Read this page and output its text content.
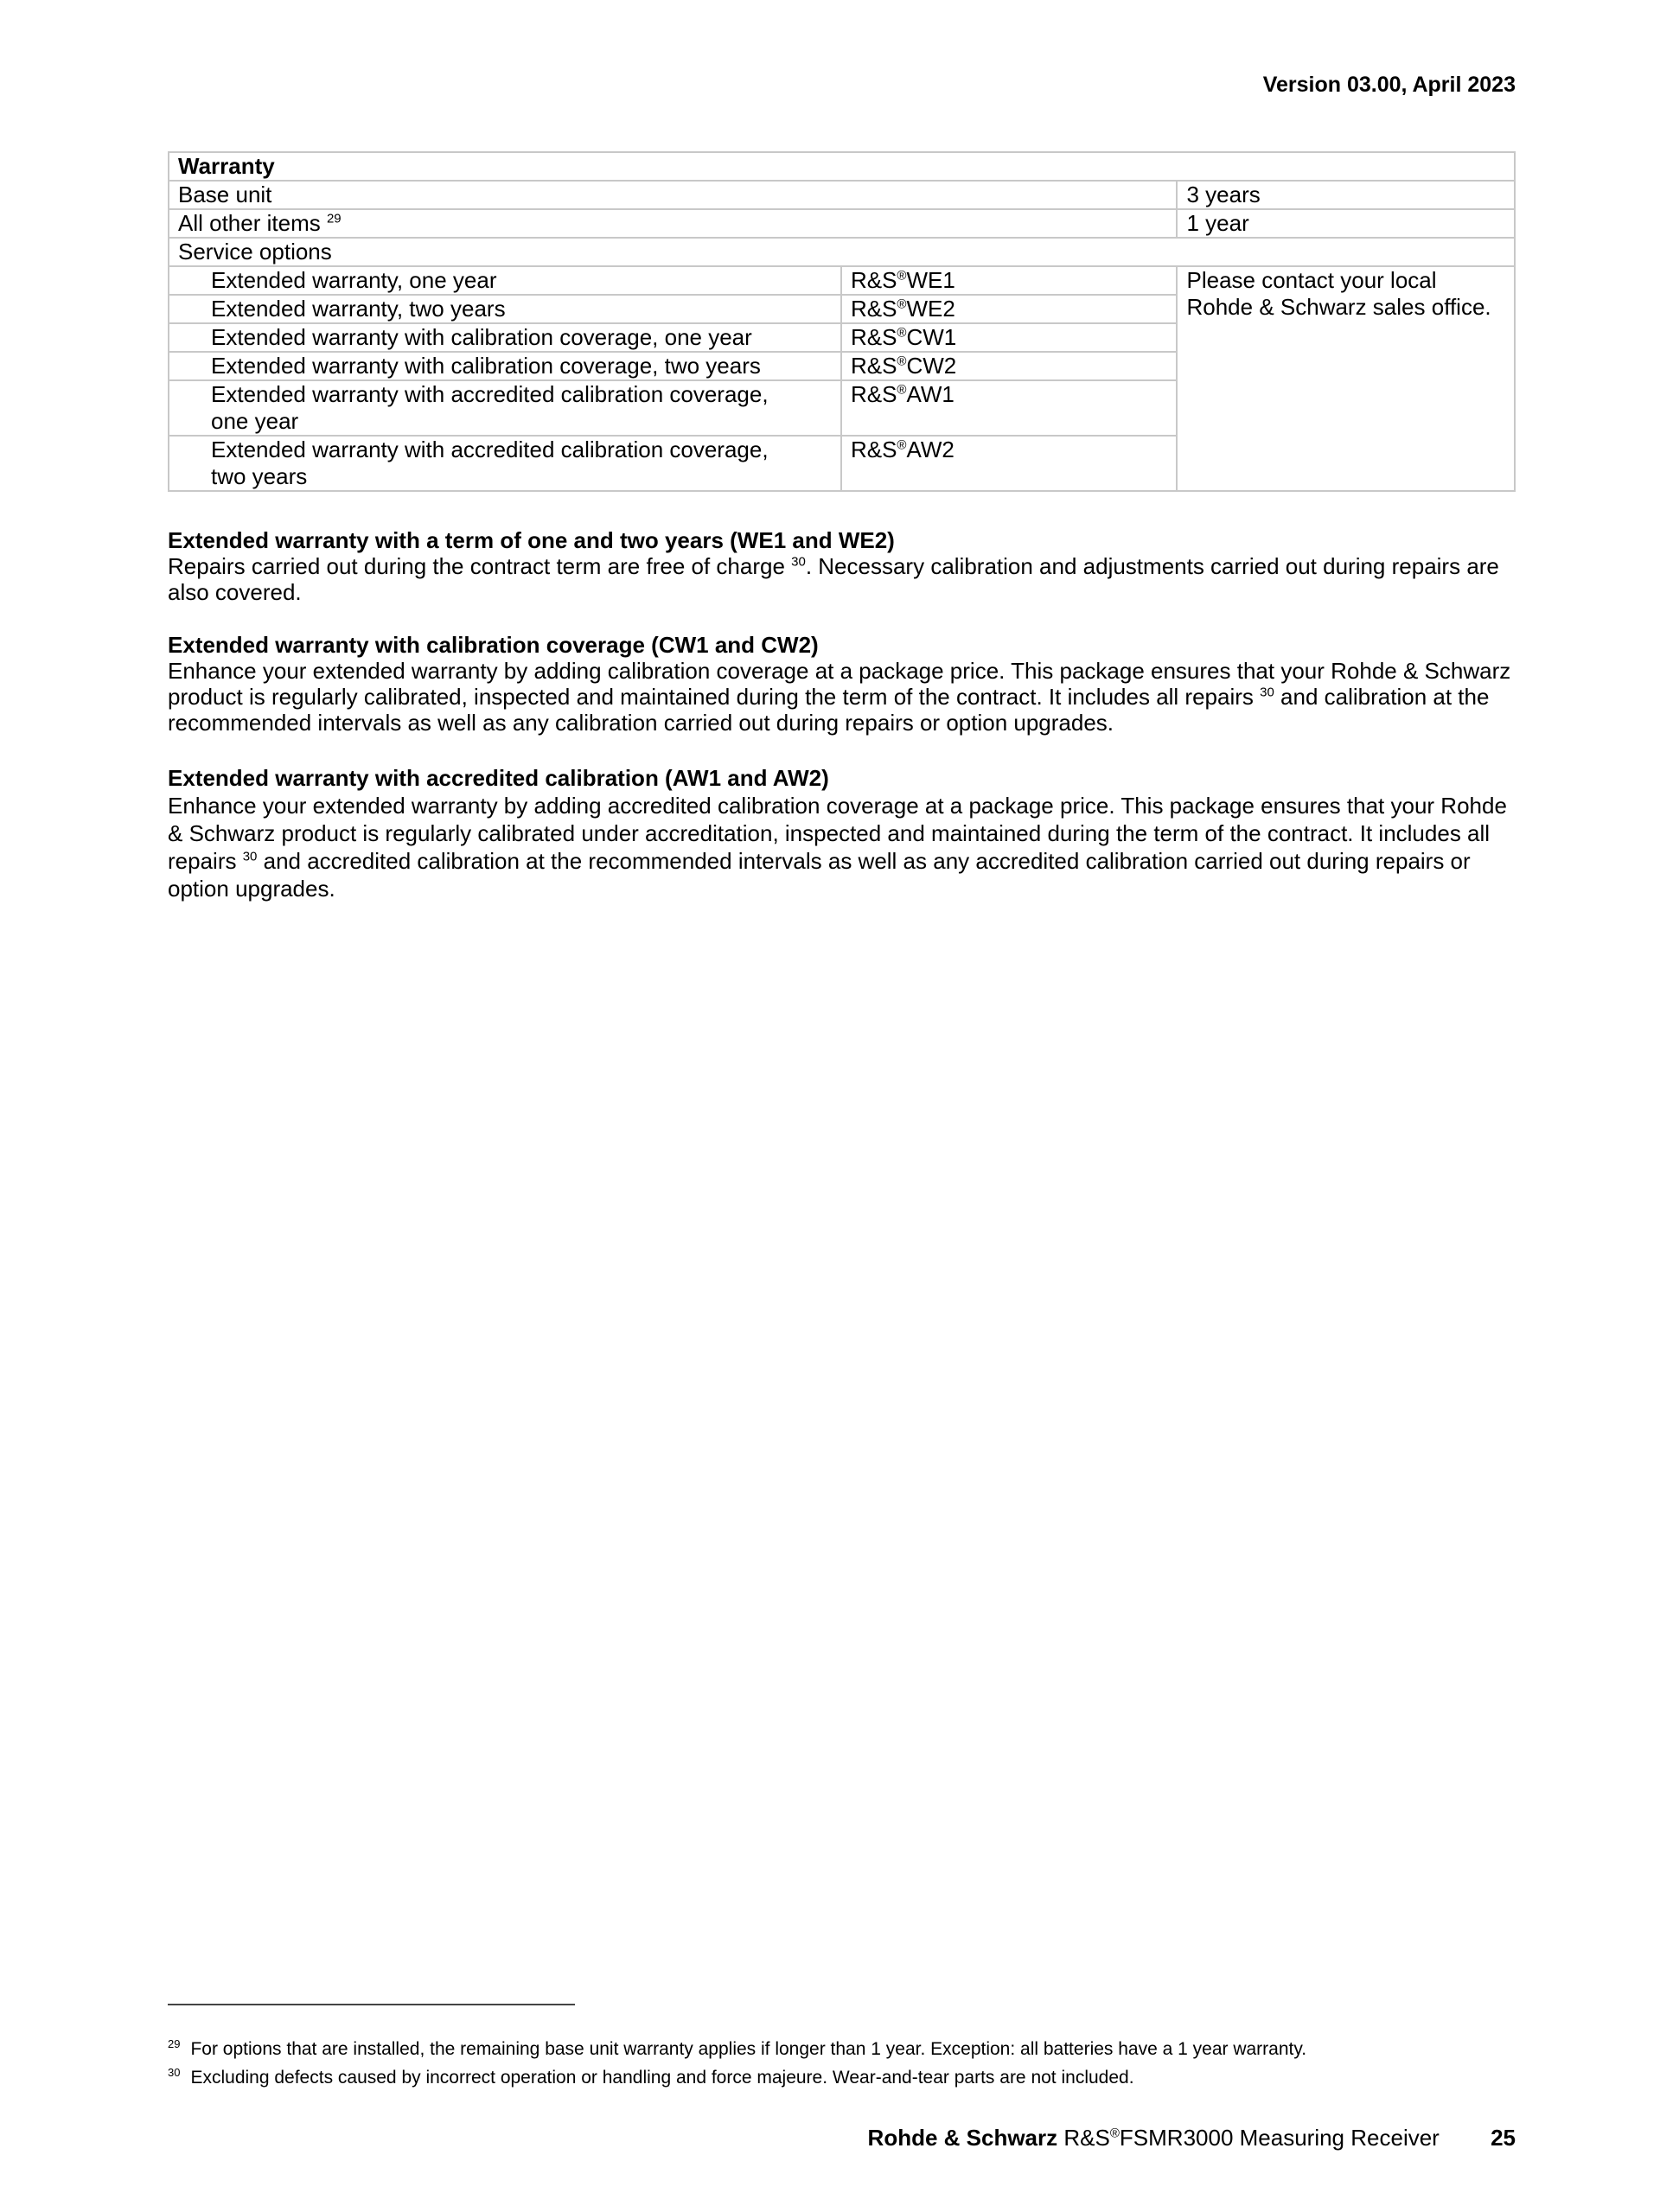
Version 03.00, April 2023
Warranty		
Base unit		3 years
All other items $^{29}$		1 year
Service options		
Extended warranty, one year	R&S®WE1	Please contact your local
Rohde & Schwarz sales office.

Extended warranty, two years	R&S®WE2	
Extended warranty with calibration coverage, one year	R&S®CW1	
Extended warranty with calibration coverage, two years	R&S®CW2	
Extended warranty with accredited calibration coverage, one year	R&S®AW1	
Extended warranty with accredited calibration coverage, two years	R&S®AW2	
Extended warranty with a term of one and two years (WE1 and WE2)

Repairs carried out during the contract term are free of charge $^{30}$. Necessary calibration and adjustments carried out during repairs are also covered.

Extended warranty with calibration coverage (CW1 and CW2)

Enhance your extended warranty by adding calibration coverage at a package price. This package ensures that your Rohde & Schwarz product is regularly calibrated, inspected and maintained during the term of the contract. It includes all repairs $^{30}$ and calibration at the recommended intervals as well as any calibration carried out during repairs or option upgrades.

Extended warranty with accredited calibration (AW1 and AW2)

Enhance your extended warranty by adding accredited calibration coverage at a package price. This package ensures that your Rohde & Schwarz product is regularly calibrated under accreditation, inspected and maintained during the term of the contract. It includes all repairs $^{30}$ and accredited calibration at the recommended intervals as well as any accredited calibration carried out during repairs or option upgrades.

$^{29}$ For options that are installed, the remaining base unit warranty applies if longer than 1 year. Exception: all batteries have a 1 year warranty.
$^{30}$ Excluding defects caused by incorrect operation or handling and force majeure. Wear-and-tear parts are not included.
Rohde & Schwarz R&S®FSMR3000 Measuring Receiver 25
